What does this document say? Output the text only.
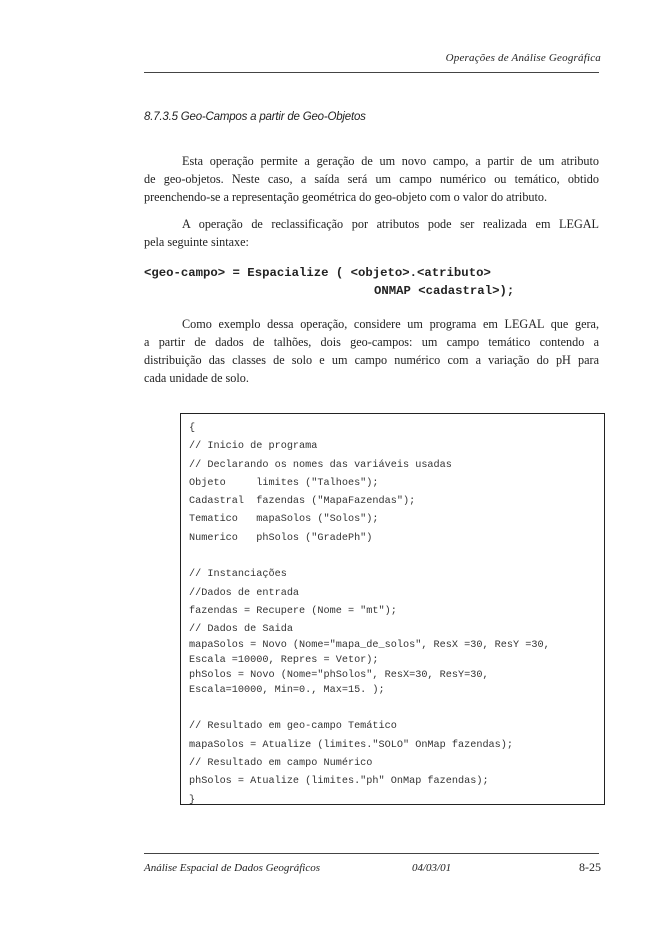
Operações de Análise Geográfica
8.7.3.5 Geo-Campos a partir de Geo-Objetos

Esta operação permite a geração de um novo campo, a partir de um atributo
de geo-objetos. Neste caso, a saída será um campo numérico ou temático, obtido
preenchendo-se a representação geométrica do geo-objeto com o valor do atributo.

A operação de reclassificação por atributos pode ser realizada em LEGAL
pela seguinte sintaxe:

<geo-campo> = Espacialize ( <objeto>.<atributo>
ONMAP <cadastral>);

Como exemplo dessa operação, considere um programa em LEGAL que gera,
a partir de dados de talhões, dois geo-campos: um campo temático contendo a
distribuição das classes de solo e um campo numérico com a variação do pH para
cada unidade de solo.

{
// Inicio de programa
// Declarando os nomes das variáveis usadas
Objeto     limites ("Talhoes");
Cadastral  fazendas ("MapaFazendas");
Tematico   mapaSolos ("Solos");
Numerico   phSolos ("GradePh")
// Instanciações
//Dados de entrada
fazendas = Recupere (Nome = "mt");
// Dados de Saida
mapaSolos = Novo (Nome="mapa_de_solos", ResX =30, ResY =30,
Escala =10000, Repres = Vetor);
phSolos = Novo (Nome="phSolos", ResX=30, ResY=30,
Escala=10000, Min=0., Max=15. );
// Resultado em geo-campo Temático
mapaSolos = Atualize (limites."SOLO" OnMap fazendas);
// Resultado em campo Numérico
phSolos = Atualize (limites."ph" OnMap fazendas);
}
Análise Espacial de Dados Geográficos	04/03/01	8-25
